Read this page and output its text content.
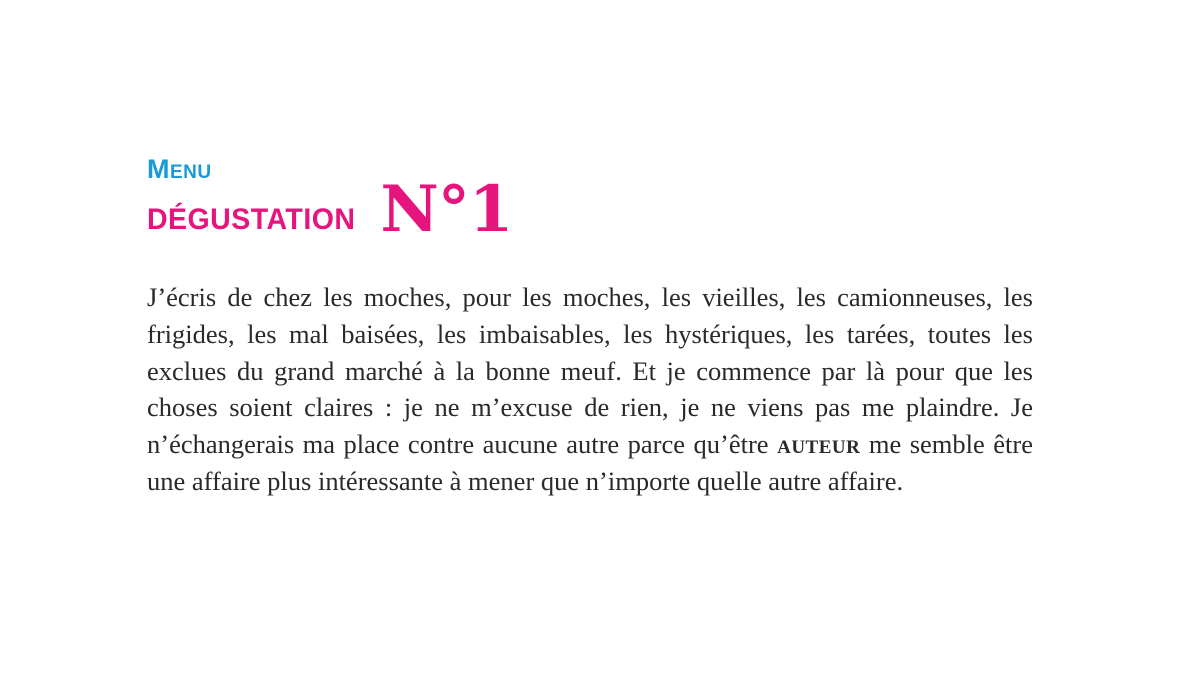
Menu
DÉGUSTATION N°1

J’écris de chez les moches, pour les moches, les vieilles, les camionneuses, les frigides, les mal baisées, les imbaisables, les hystériques, les tarées, toutes les exclues du grand marché à la bonne meuf. Et je commence par là pour que les choses soient claires : je ne m’excuse de rien, je ne viens pas me plaindre. Je n’échangerais ma place contre aucune autre parce qu’être auteur me semble être une affaire plus intéressante à mener que n’importe quelle autre affaire.
